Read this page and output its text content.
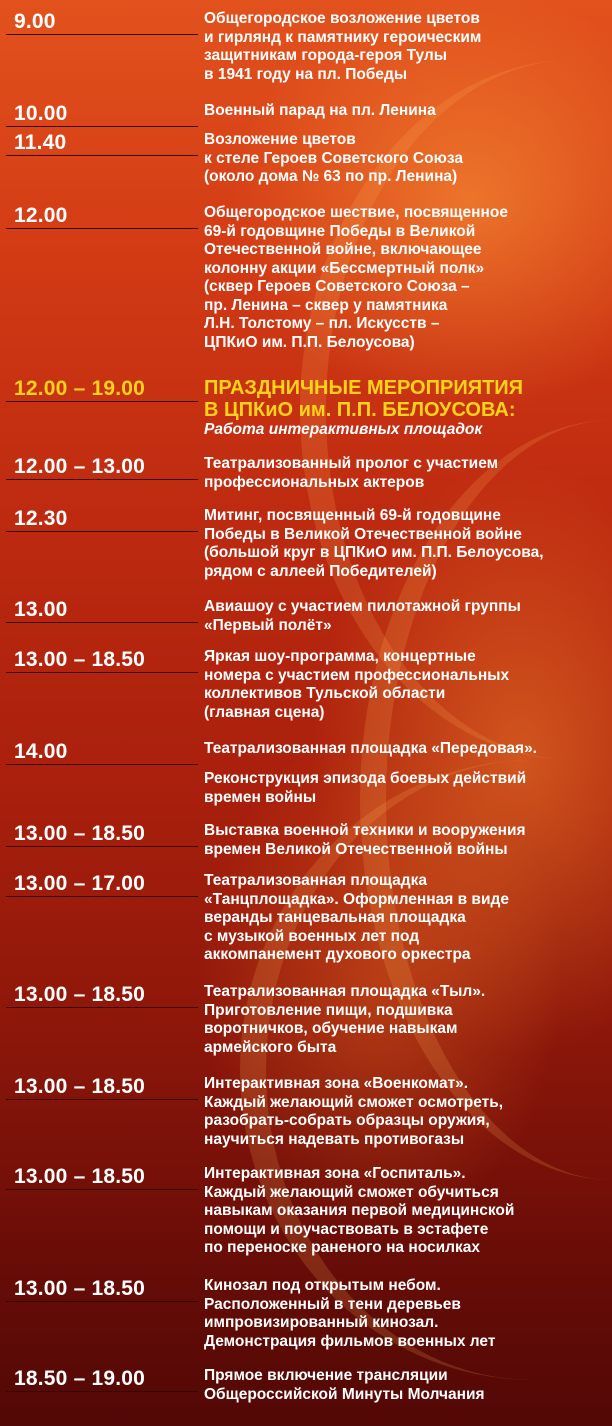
9.00	Общегородское возложение цветов
и гирлянд к памятнику героическим
защитникам города-героя Тулы
в 1941 году на пл. Победы
10.00	Военный парад на пл. Ленина
11.40	Возложение цветов
к стеле Героев Советского Союза
(около дома № 63 по пр. Ленина)
12.00	Общегородское шествие, посвященное
69-й годовщине Победы в Великой
Отечественной войне, включающее
колонну акции «Бессмертный полк»
(сквер Героев Советского Союза –
пр. Ленина – сквер у памятника
Л.Н. Толстому – пл. Искусств –
ЦПКиО им. П.П. Белоусова)
12.00 – 19.00	ПРАЗДНИЧНЫЕ МЕРОПРИЯТИЯ
В ЦПКиО им. П.П. БЕЛОУСОВА:
Работа интерактивных площадок
12.00 – 13.00	Театрализованный пролог с участием
профессиональных актеров
12.30	Митинг, посвященный 69-й годовщине
Победы в Великой Отечественной войне
(большой круг в ЦПКиО им. П.П. Белоусова,
рядом с аллеей Победителей)
13.00	Авиашоу с участием пилотажной группы
«Первый полёт»
13.00 – 18.50	Яркая шоу-программа, концертные
номера с участием профессиональных
коллективов Тульской области
(главная сцена)
14.00	Театрализованная площадка «Передовая».
Реконструкция эпизода боевых действий
времен войны
13.00 – 18.50	Выставка военной техники и вооружения
времен Великой Отечественной войны
13.00 – 17.00	Театрализованная площадка
«Танцплощадка». Оформленная в виде
веранды танцевальная площадка
с музыкой военных лет под
аккомпанемент духового оркестра
13.00 – 18.50	Театрализованная площадка «Тыл».
Приготовление пищи, подшивка
воротничков, обучение навыкам
армейского быта
13.00 – 18.50	Интерактивная зона «Военкомат».
Каждый желающий сможет осмотреть,
разобрать-собрать образцы оружия,
научиться надевать противогазы
13.00 – 18.50	Интерактивная зона «Госпиталь».
Каждый желающий сможет обучиться
навыкам оказания первой медицинской
помощи и поучаствовать в эстафете
по переноске раненого на носилках
13.00 – 18.50	Кинозал под открытым небом.
Расположенный в тени деревьев
импровизированный кинозал.
Демонстрация фильмов военных лет
18.50 – 19.00	Прямое включение трансляции
Общероссийской Минуты Молчания
